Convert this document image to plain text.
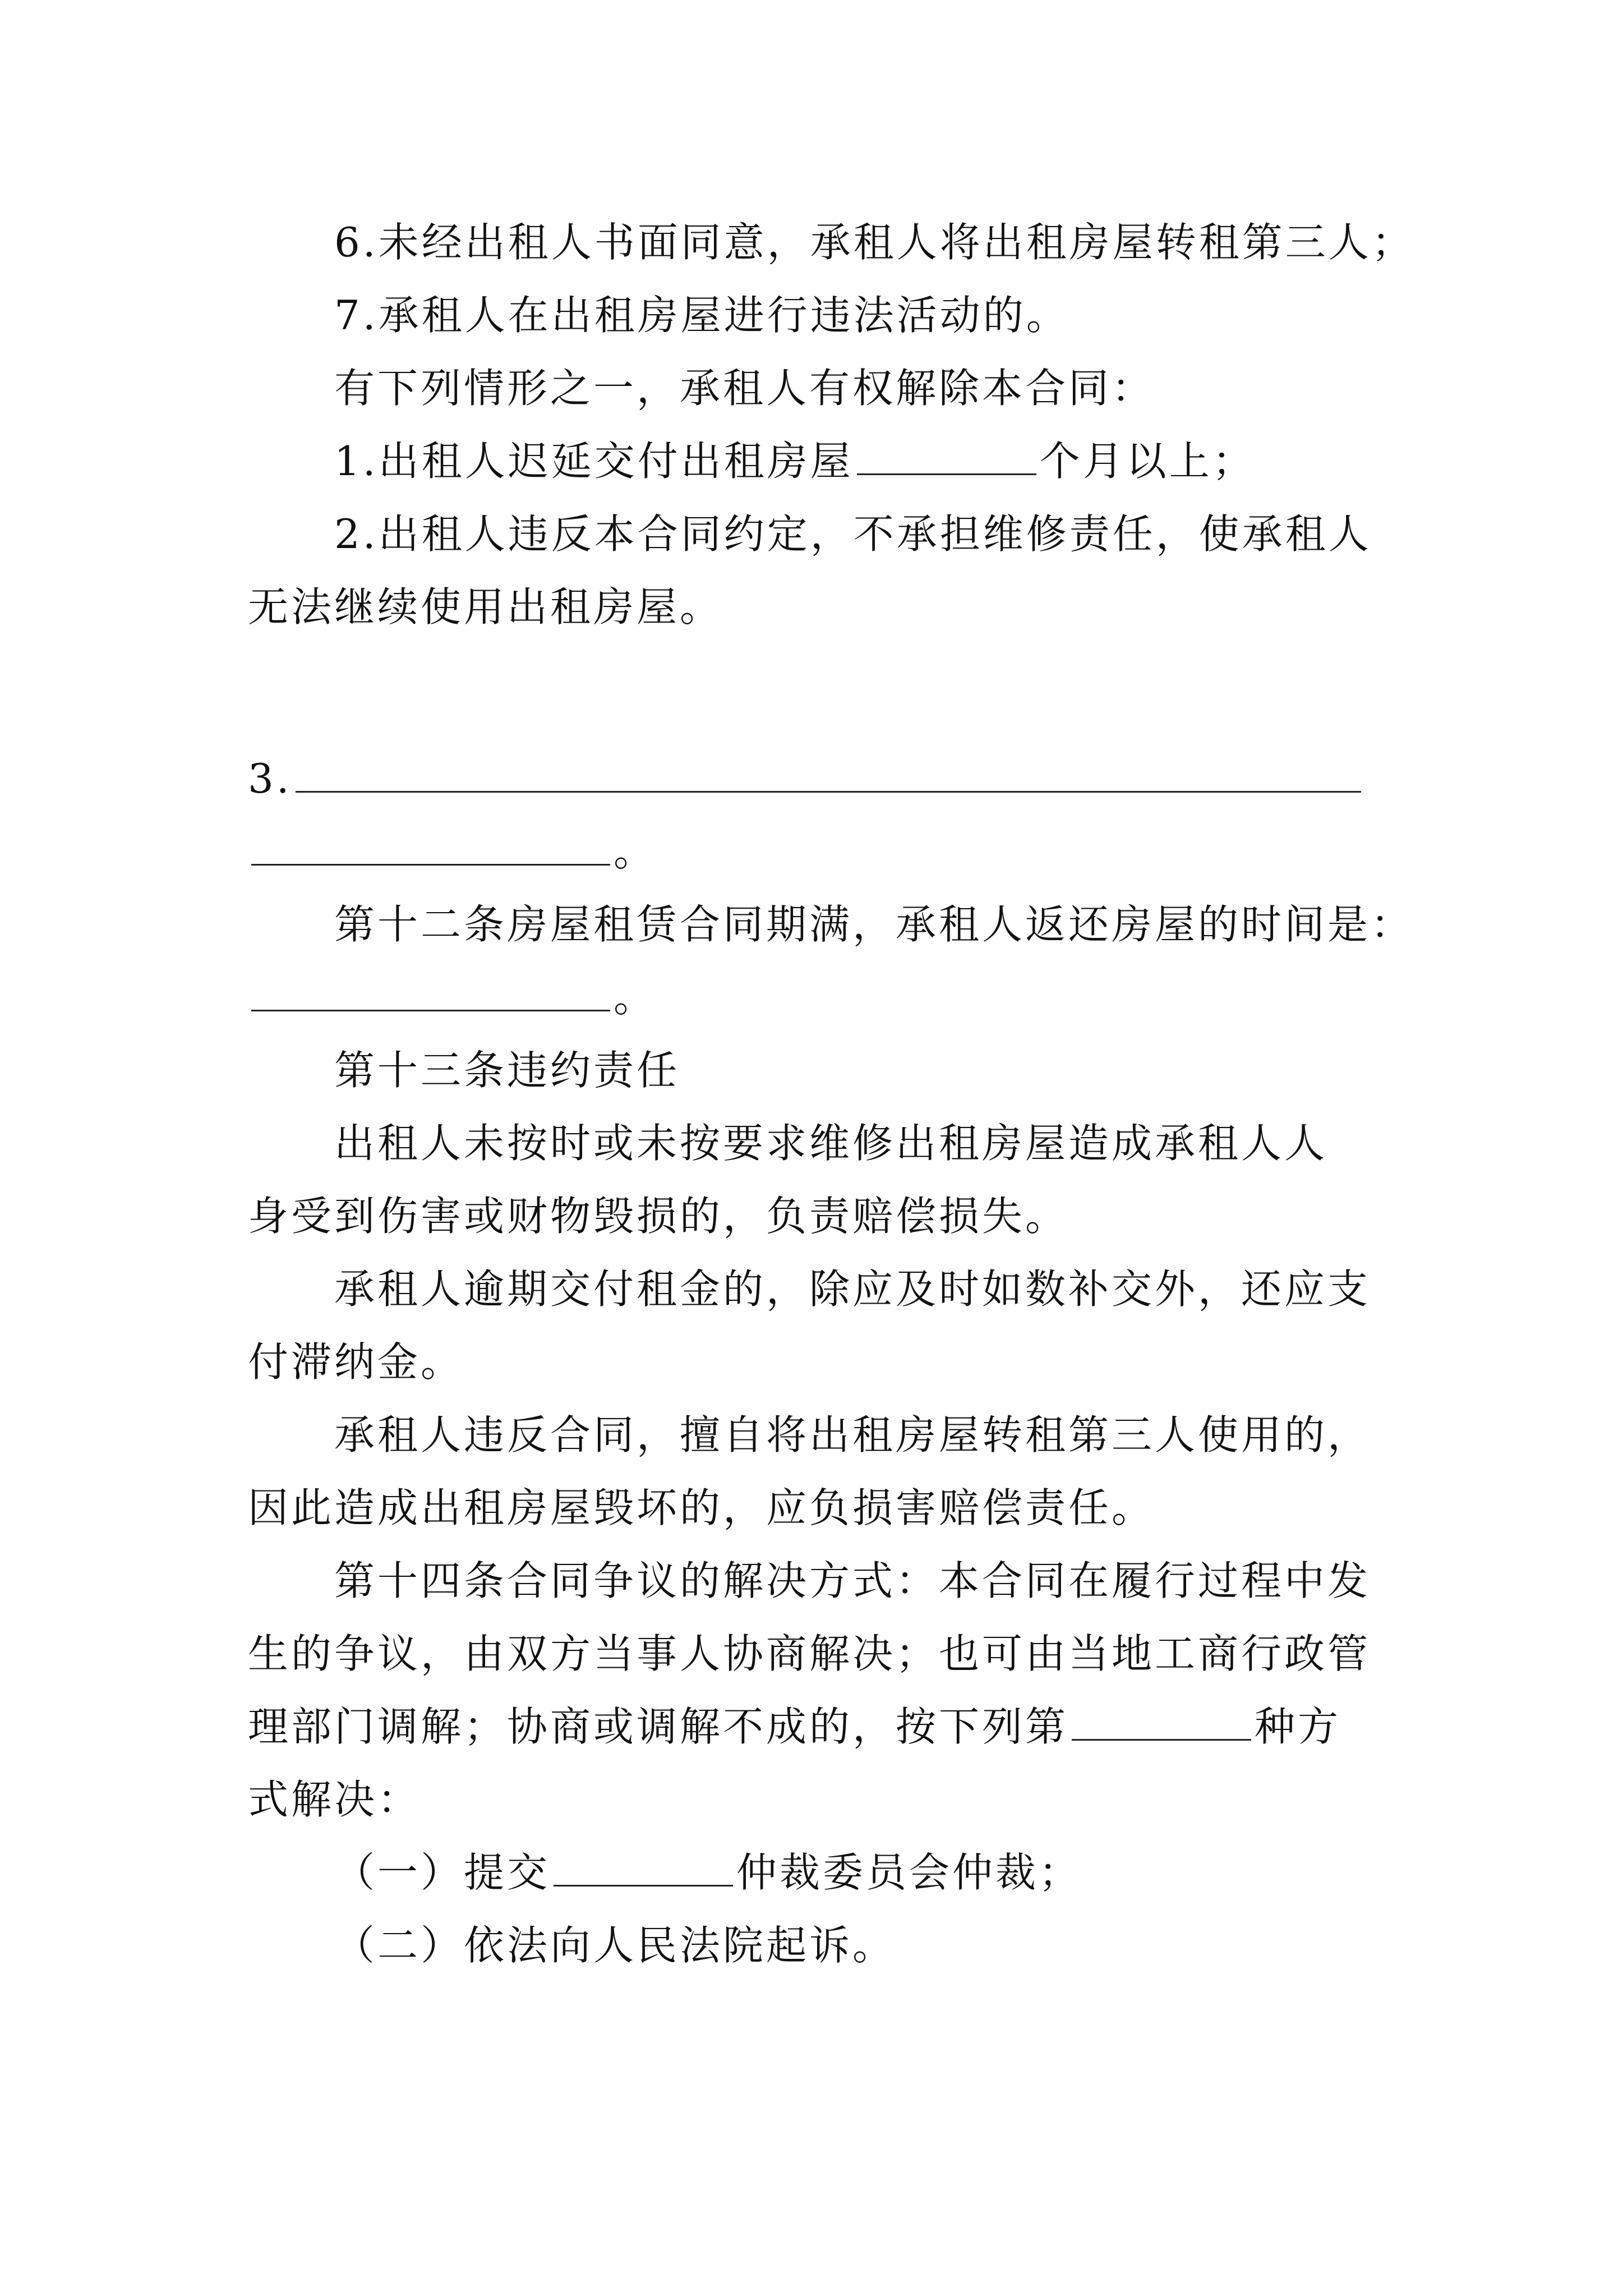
6.未经出租人书面同意，承租人将出租房屋转租第三人；
7.承租人在出租房屋进行违法活动的。
有下列情形之一，承租人有权解除本合同：
1.出租人迟延交付出租房屋	个月以上；
2.出租人违反本合同约定，不承担维修责任，使承租人
无法继续使用出租房屋。
3.
。
第十二条房屋租赁合同期满，承租人返还房屋的时间是：
。
第十三条违约责任
出租人未按时或未按要求维修出租房屋造成承租人人
身受到伤害或财物毁损的，负责赔偿损失。
承租人逾期交付租金的，除应及时如数补交外，还应支
付滞纳金。
承租人违反合同，擅自将出租房屋转租第三人使用的，
因此造成出租房屋毁坏的，应负损害赔偿责任。
第十四条合同争议的解决方式：本合同在履行过程中发
生的争议，由双方当事人协商解决；也可由当地工商行政管
理部门调解；协商或调解不成的，按下列第	种方
式解决：
（一）提交	仲裁委员会仲裁；
（二）依法向人民法院起诉。
